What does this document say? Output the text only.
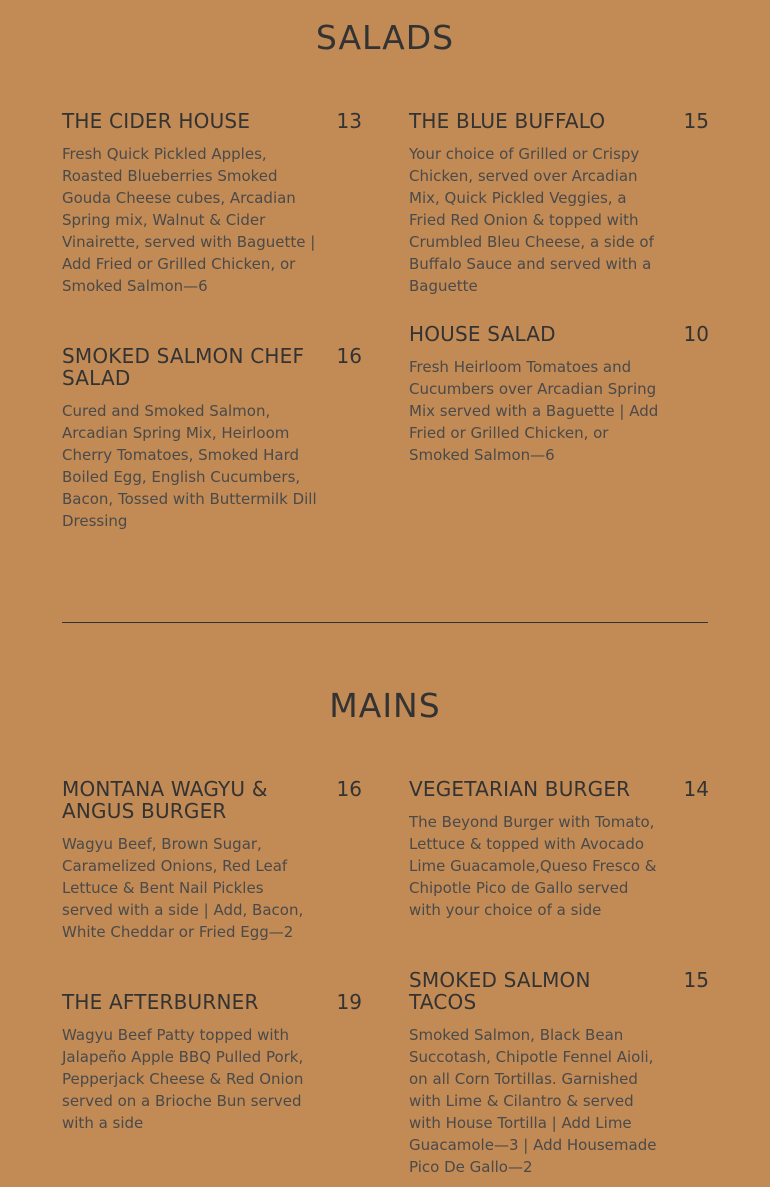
SALADS
THE CIDER HOUSE	13
Fresh Quick Pickled Apples, Roasted Blueberries Smoked Gouda Cheese cubes, Arcadian Spring mix, Walnut & Cider Vinairette, served with Baguette | Add Fried or Grilled Chicken, or Smoked Salmon—6
THE BLUE BUFFALO	15
Your choice of Grilled or Crispy Chicken, served over Arcadian Mix, Quick Pickled Veggies, a Fried Red Onion & topped with Crumbled Bleu Cheese, a side of Buffalo Sauce and served with a Baguette
SMOKED SALMON CHEF SALAD
16
Cured and Smoked Salmon, Arcadian Spring Mix, Heirloom Cherry Tomatoes, Smoked Hard Boiled Egg, English Cucumbers, Bacon, Tossed with Buttermilk Dill Dressing
HOUSE SALAD	10
Fresh Heirloom Tomatoes and Cucumbers over Arcadian Spring Mix served with a Baguette | Add Fried or Grilled Chicken, or Smoked Salmon—6
MAINS
MONTANA WAGYU & ANGUS BURGER
16
Wagyu Beef, Brown Sugar, Caramelized Onions, Red Leaf Lettuce & Bent Nail Pickles served with a side | Add, Bacon, White Cheddar or Fried Egg—2
VEGETARIAN BURGER	14
The Beyond Burger with Tomato, Lettuce & topped with Avocado Lime Guacamole,Queso Fresco & Chipotle Pico de Gallo served with your choice of a side
THE AFTERBURNER	19
Wagyu Beef Patty topped with Jalapeño Apple BBQ Pulled Pork, Pepperjack Cheese & Red Onion served on a Brioche Bun served with a side
SMOKED SALMON TACOS
15
Smoked Salmon, Black Bean Succotash, Chipotle Fennel Aioli, on all Corn Tortillas. Garnished with Lime & Cilantro & served with House Tortilla | Add Lime Guacamole—3 | Add Housemade Pico De Gallo—2
